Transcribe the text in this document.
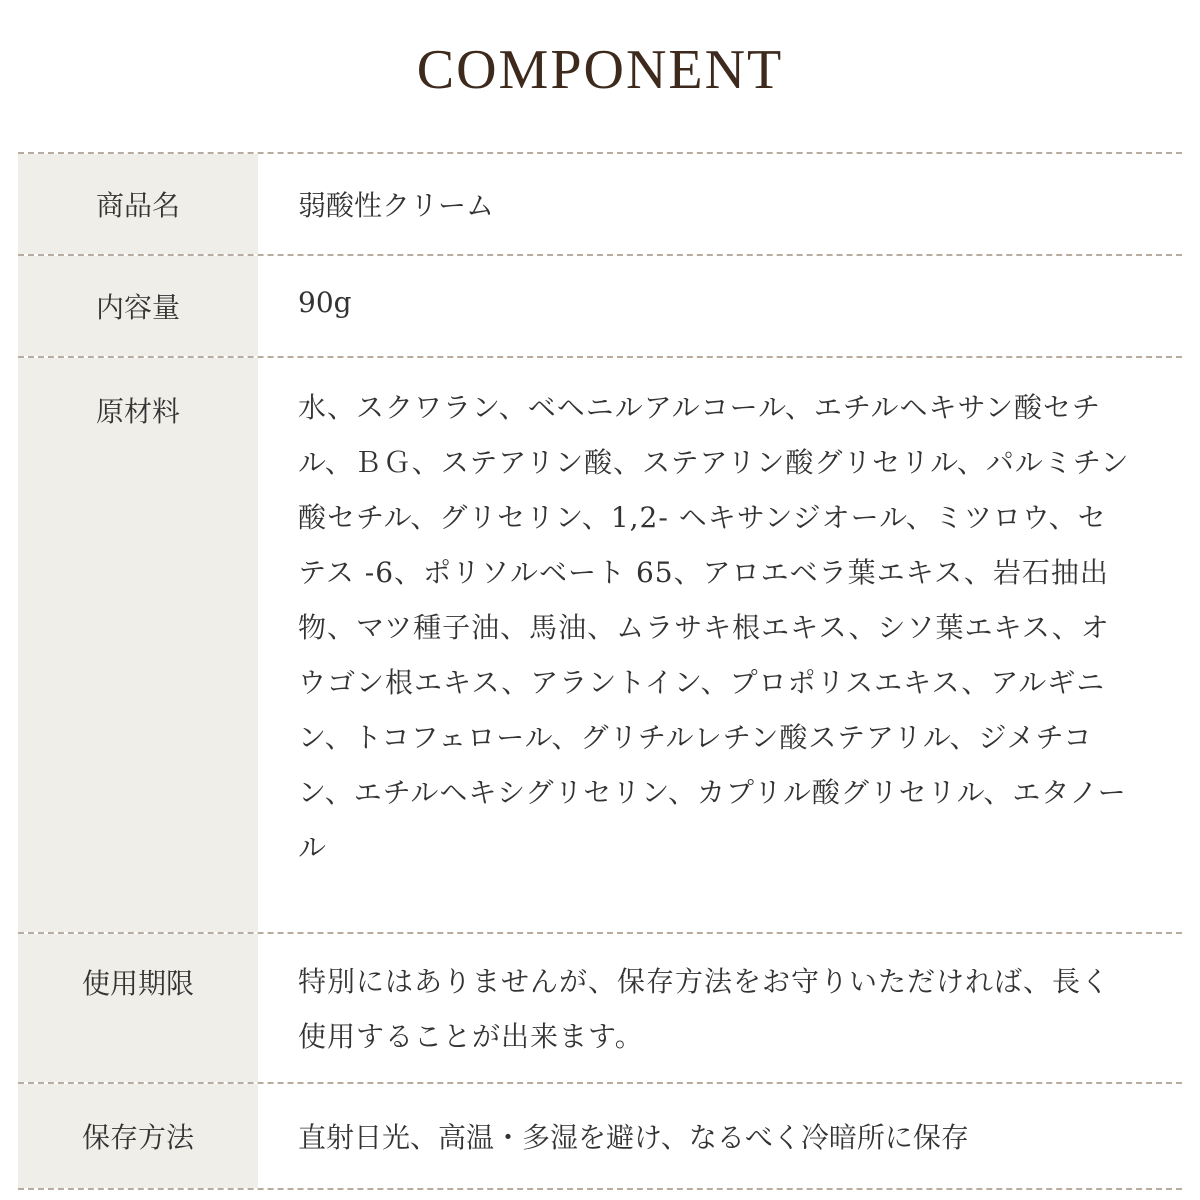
COMPONENT
商品名	弱酸性クリーム
内容量	90g
原材料	水、スクワラン、ベヘニルアルコール、エチルヘキサン酸セチル、ＢＧ、ステアリン酸、ステアリン酸グリセリル、パルミチン酸セチル、グリセリン、1,2- ヘキサンジオール、ミツロウ、セテス -6、ポリソルベート 65、アロエベラ葉エキス、岩石抽出物、マツ種子油、馬油、ムラサキ根エキス、シソ葉エキス、オウゴン根エキス、アラントイン、プロポリスエキス、アルギニン、トコフェロール、グリチルレチン酸ステアリル、ジメチコン、エチルヘキシグリセリン、カプリル酸グリセリル、エタノール
使用期限	特別にはありませんが、保存方法をお守りいただければ、長く使用することが出来ます。
保存方法	直射日光、高温・多湿を避け、なるべく冷暗所に保存
